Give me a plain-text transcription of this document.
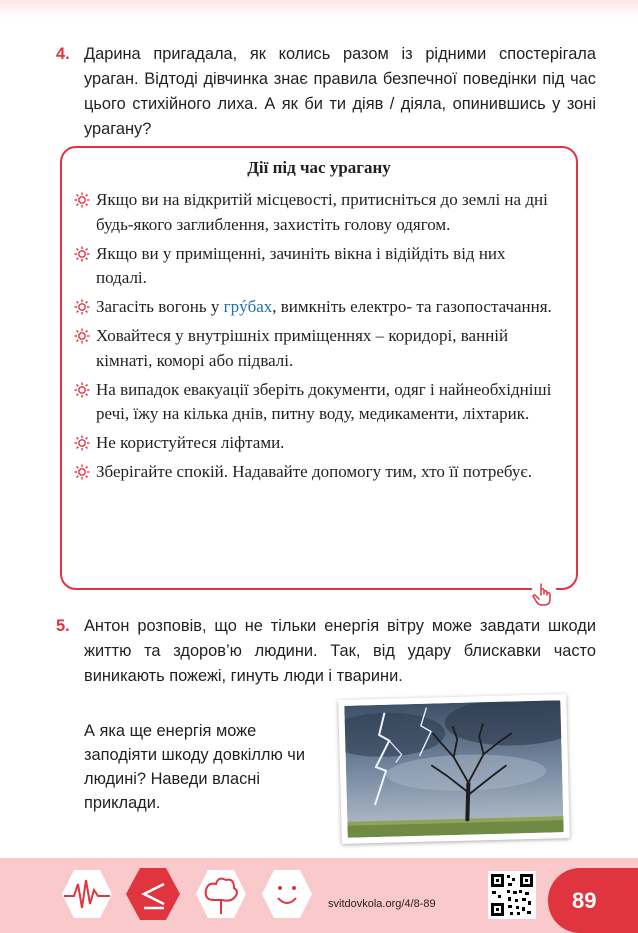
4. Дарина пригадала, як колись разом із рідними спостерігала ураган. Відтоді дівчинка знає правила безпечної поведінки під час цього стихійного лиха. А як би ти діяв / діяла, опинившись у зоні урагану?
Дії під час урагану
Якщо ви на відкритій місцевості, притисніться до землі на дні будь-якого заглиблення, захистіть голову одягом.
Якщо ви у приміщенні, зачиніть вікна і відійдіть від них подалі.
Загасіть вогонь у грýбах, вимкніть електро- та газопостачання.
Ховайтеся у внутрішніх приміщеннях – коридорі, ванній кімнаті, коморі або підвалі.
На випадок евакуації зберіть документи, одяг і найнеобхідніші речі, їжу на кілька днів, питну воду, медикаменти, ліхтарик.
Не користуйтеся ліфтами.
Зберігайте спокій. Надавайте допомогу тим, хто її потребує.
5. Антон розповів, що не тільки енергія вітру може завдати шкоди життю та здоров’ю людини. Так, від удару блискавки часто виникають пожежі, гинуть люди і тварини.
А яка ще енергія може заподіяти шкоду довкіллю чи людині? Наведи власні приклади.
svitdovkola.org/4/8-89	89
